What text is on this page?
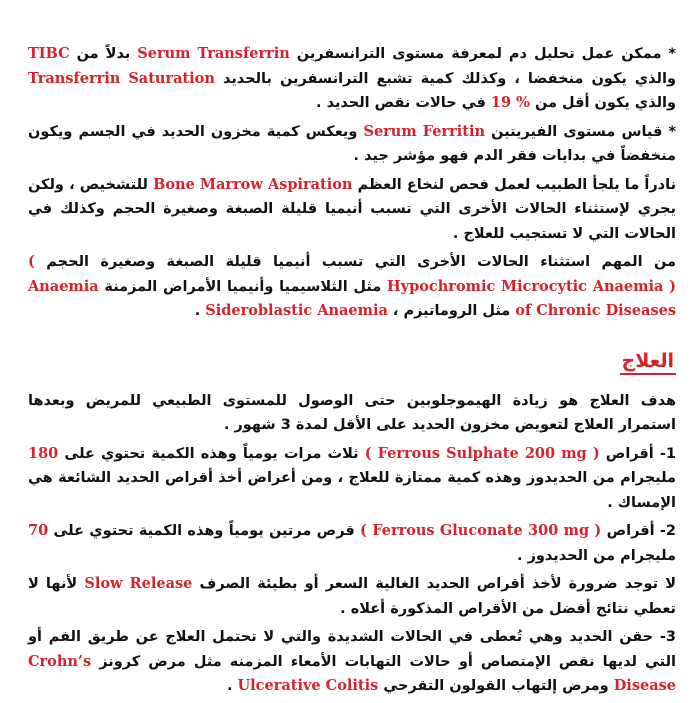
* ممكن عمل تحليل دم لمعرفة مستوى الترانسفرين Serum Transferrin بدلاً من TIBC والذي يكون منخفضا ، وكذلك كمية تشبع الترانسفرين بالحديد Transferrin Saturation والذي يكون أقل من 19 % في حالات نقص الحديد .

* قياس مستوى الفيريتين Serum Ferritin ويعكس كمية مخزون الحديد في الجسم ويكون منخفضاً في بدايات فقر الدم فهو مؤشر جيد .

نادراً ما يلجأ الطبيب لعمل فحص لنخاع العظم Bone Marrow Aspiration للتشخيص ، ولكن يجري لإستثناء الحالات الأخرى التي تسبب أنيميا قليلة الصبغة وصغيرة الحجم وكذلك في الحالات التي لا تستجيب للعلاج .

من المهم استثناء الحالات الأخرى التي تسبب أنيميا قليلة الصبغة وصغيرة الحجم ( Hypochromic Microcytic Anaemia ) مثل الثلاسيميا وأنيميا الأمراض المزمنة Anaemia of Chronic Diseases مثل الروماتيزم ، Sideroblastic Anaemia .

العلاج

هدف العلاج هو زيادة الهيموجلوبين حتى الوصول للمستوى الطبيعي للمريض وبعدها استمرار العلاج لتعويض مخزون الحديد على الأقل لمدة 3 شهور .

1- أقراص ( Ferrous Sulphate 200 mg ) ثلاث مرات يومياً وهذه الكمية تحتوي على 180 مليجرام من الحديدوز وهذه كمية ممتازة للعلاج ، ومن أعراض أخذ أقراص الحديد الشائعة هي الإمساك .

2- أقراص ( Ferrous Gluconate 300 mg ) قرص مرتين يومياً وهذه الكمية تحتوي على 70 مليجرام من الحديدوز .

لا توجد ضرورة لأخذ أقراص الحديد الغالية السعر أو بطيئة الصرف Slow Release لأنها لا تعطي نتائج أفضل من الأقراص المذكورة أعلاه .

3- حقن الحديد وهي تُعطى في الحالات الشديدة والتي لا تحتمل العلاج عن طريق الفم أو التي لديها نقص الإمتصاص أو حالات التهابات الأمعاء المزمنه مثل مرض كرونز Crohn’s Disease ومرض إلتهاب القولون التقرحي Ulcerative Colitis .
